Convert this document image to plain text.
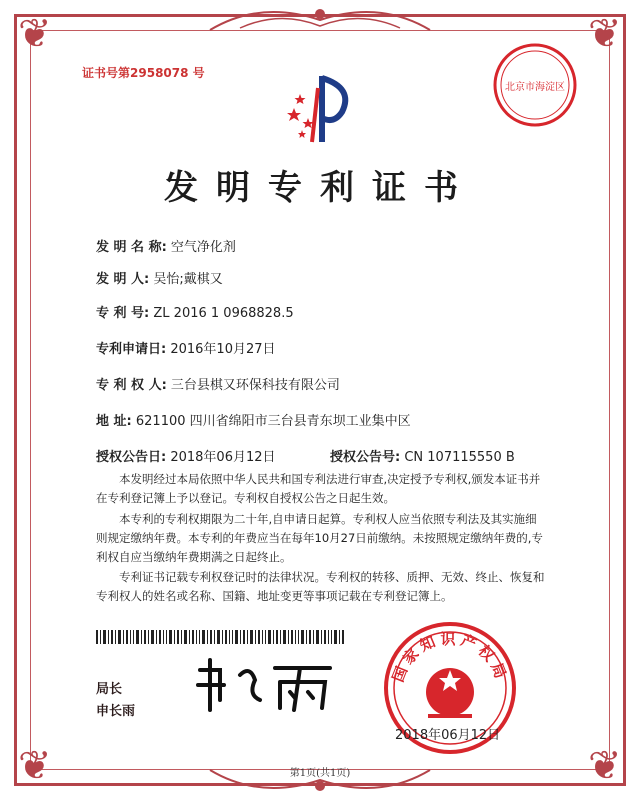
❦	❦
❦	❦
证书号第2958078 号
北京市海淀区
发明专利证书
发 明 名 称: 空气净化剂
发 明 人: 吴怡;戴棋又
专 利 号: ZL 2016 1 0968828.5
专利申请日: 2016年10月27日
专 利 权 人: 三台县棋又环保科技有限公司
地 址: 621100 四川省绵阳市三台县青东坝工业集中区
授权公告日: 2018年06月12日	授权公告号: CN 107115550 B
本发明经过本局依照中华人民共和国专利法进行审查,决定授予专利权,颁发本证书并在专利登记簿上予以登记。专利权自授权公告之日起生效。
本专利的专利权期限为二十年,自申请日起算。专利权人应当依照专利法及其实施细则规定缴纳年费。本专利的年费应当在每年10月27日前缴纳。未按照规定缴纳年费的,专利权自应当缴纳年费期满之日起终止。
专利证书记载专利权登记时的法律状况。专利权的转移、质押、无效、终止、恢复和专利权人的姓名或名称、国籍、地址变更等事项记载在专利登记簿上。
局长
申长雨
国家知识产权局
2018年06月12日
第1页(共1页)
